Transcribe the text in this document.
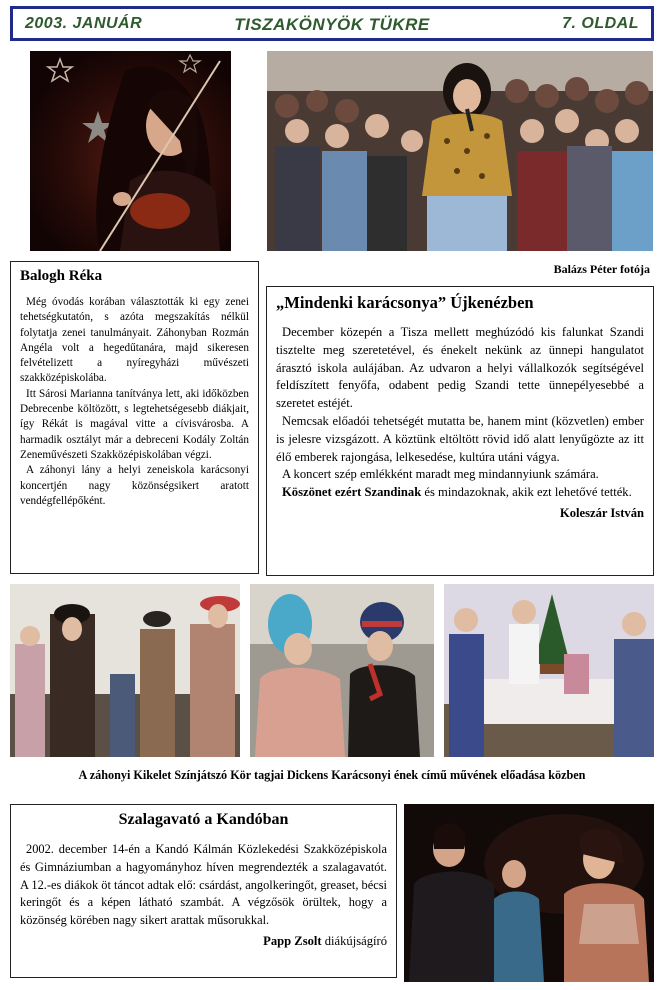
2003. JANUÁR	TISZAKÖNYÖK TÜKRE	7. OLDAL
Balogh Réka

Még óvodás korában választották ki egy zenei tehetségkutatón, s azóta megszakítás nélkül folytatja zenei tanulmányait. Záhonyban Rozmán Angéla volt a hegedűtanára, majd sikeresen felvételizett a nyíregyházi művészeti szakközépiskolába.

Itt Sárosi Marianna tanítványa lett, aki időközben Debrecenbe költözött, s legtehetségesebb diákjait, így Rékát is magával vitte a cívisvárosba. A harmadik osztályt már a debreceni Kodály Zoltán Zeneművészeti Szakközépiskolában végzi.

A záhonyi lány a helyi zeneiskola karácsonyi koncertjén nagy közönségsikert aratott vendégfellépőként.

Balázs Péter fotója
„Mindenki karácsonya” Újkenézben

December közepén a Tisza mellett meghúzódó kis falunkat Szandi tisztelte meg szeretetével, és énekelt nekünk az ünnepi hangulatot árasztó iskola aulájában. Az udvaron a helyi vállalkozók segítségével feldíszített fenyőfa, odabent pedig Szandi tette ünnepélyesebbé a szeretet estéjét.

Nemcsak előadói tehetségét mutatta be, hanem mint (közvetlen) ember is jelesre vizsgázott. A köztünk eltöltött rövid idő alatt lenyűgözte az itt élő emberek rajongása, lelkesedése, kultúra utáni vágya.

A koncert szép emlékként maradt meg mindannyiunk számára.

Köszönet ezért Szandinak és mindazoknak, akik ezt lehetővé tették.

Koleszár István
A záhonyi Kikelet Színjátszó Kör tagjai Dickens Karácsonyi ének című művének előadása közben
Szalagavató a Kandóban

2002. december 14-én a Kandó Kálmán Közlekedési Szakközépiskola és Gimnáziumban a hagyományhoz híven megrendezték a szalagavatót. A 12.-es diákok öt táncot adtak elő: csárdást, angolkeringőt, greaset, bécsi keringőt és a képen látható szambát. A végzősök örültek, hogy a közönség körében nagy sikert arattak műsorukkal.

Papp Zsolt diákújságíró
